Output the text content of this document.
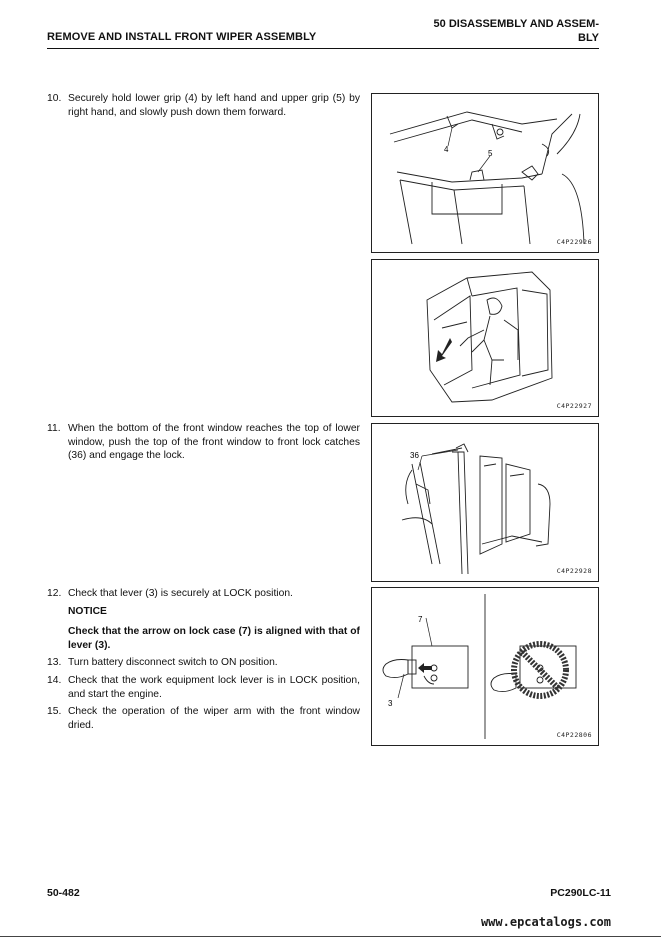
REMOVE AND INSTALL FRONT WIPER ASSEMBLY
50 DISASSEMBLY AND ASSEM-
BLY
10. Securely hold lower grip (4) by left hand and upper grip (5) by right hand, and slowly push down them forward.
11. When the bottom of the front window reaches the top of lower window, push the top of the front window to front lock catches (36) and engage the lock.
12. Check that lever (3) is securely at LOCK position.
NOTICE
Check that the arrow on lock case (7) is aligned with that of lever (3).
13. Turn battery disconnect switch to ON position.
14. Check that the work equipment lock lever is in LOCK position, and start the engine.
15. Check the operation of the wiper arm with the front window dried.
4	5
C4P22926
C4P22927
36
C4P22928
7
3
C4P22806
50-482	PC290LC-11
www.epcatalogs.com
